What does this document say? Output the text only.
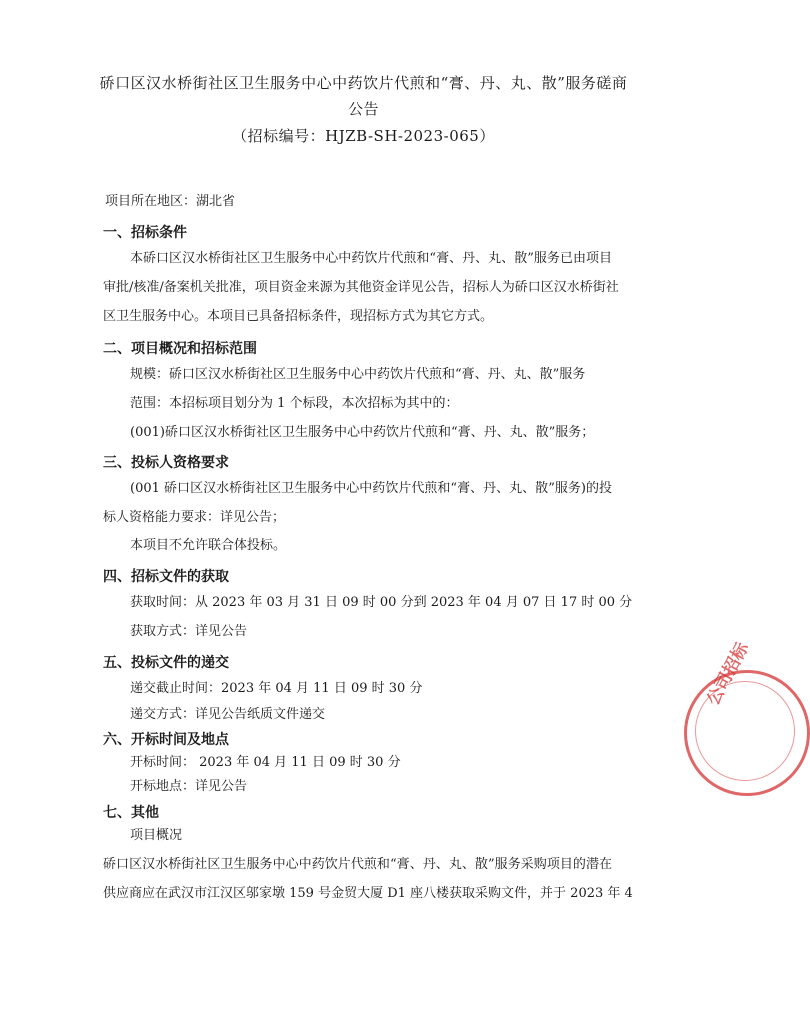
硚口区汉水桥街社区卫生服务中心中药饮片代煎和“膏、丹、丸、散”服务磋商
公告
（招标编号：HJZB-SH-2023-065）
项目所在地区：湖北省
一、招标条件
本硚口区汉水桥街社区卫生服务中心中药饮片代煎和“膏、丹、丸、散”服务已由项目
审批/核准/备案机关批准，项目资金来源为其他资金详见公告，招标人为硚口区汉水桥街社
区卫生服务中心。本项目已具备招标条件，现招标方式为其它方式。
二、项目概况和招标范围
规模：硚口区汉水桥街社区卫生服务中心中药饮片代煎和“膏、丹、丸、散”服务
范围：本招标项目划分为 1 个标段，本次招标为其中的：
(001)硚口区汉水桥街社区卫生服务中心中药饮片代煎和“膏、丹、丸、散”服务；
三、投标人资格要求
(001 硚口区汉水桥街社区卫生服务中心中药饮片代煎和“膏、丹、丸、散”服务)的投
标人资格能力要求：详见公告；
本项目不允许联合体投标。
四、招标文件的获取
获取时间：从 2023 年 03 月 31 日 09 时 00 分到 2023 年 04 月 07 日 17 时 00 分
获取方式：详见公告
五、投标文件的递交
递交截止时间：2023 年 04 月 11 日 09 时 30 分
递交方式：详见公告纸质文件递交
六、开标时间及地点
开标时间： 2023 年 04 月 11 日 09 时 30 分
开标地点：详见公告
七、其他
项目概况
硚口区汉水桥街社区卫生服务中心中药饮片代煎和“膏、丹、丸、散”服务采购项目的潜在
供应商应在武汉市江汉区邬家墩 159 号金贸大厦 D1 座八楼获取采购文件，并于 2023 年 4
公司招标
